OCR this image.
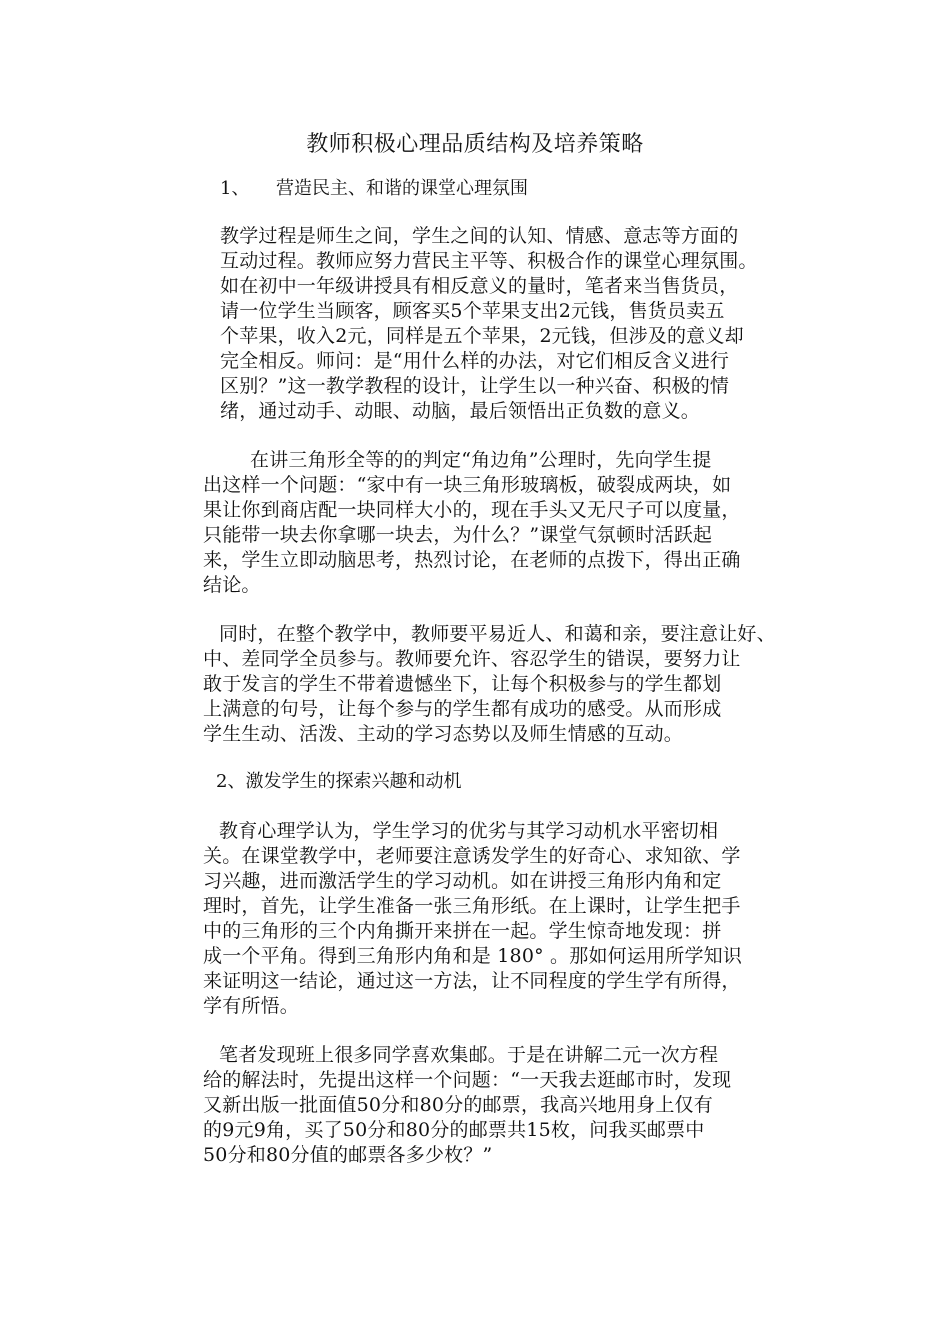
教师积极心理品质结构及培养策略
1、 营造民主、和谐的课堂心理氛围
教学过程是师生之间，学生之间的认知、情感、意志等方面的
互动过程。教师应努力营民主平等、积极合作的课堂心理氛围。
如在初中一年级讲授具有相反意义的量时，笔者来当售货员，
请一位学生当顾客，顾客买5个苹果支出2元钱，售货员卖五
个苹果，收入2元，同样是五个苹果，2元钱，但涉及的意义却
完全相反。师问：是“用什么样的办法，对它们相反含义进行
区别？”这一教学教程的设计，让学生以一种兴奋、积极的情
绪，通过动手、动眼、动脑，最后领悟出正负数的意义。
在讲三角形全等的的判定“角边角”公理时，先向学生提
出这样一个问题：“家中有一块三角形玻璃板，破裂成两块，如
果让你到商店配一块同样大小的，现在手头又无尺子可以度量，
只能带一块去你拿哪一块去，为什么？”课堂气氛顿时活跃起
来，学生立即动脑思考，热烈讨论，在老师的点拨下，得出正确
结论。
同时，在整个教学中，教师要平易近人、和蔼和亲，要注意让好、
中、差同学全员参与。教师要允许、容忍学生的错误，要努力让
敢于发言的学生不带着遗憾坐下，让每个积极参与的学生都划
上满意的句号，让每个参与的学生都有成功的感受。从而形成
学生生动、活泼、主动的学习态势以及师生情感的互动。
2、激发学生的探索兴趣和动机
教育心理学认为，学生学习的优劣与其学习动机水平密切相
关。在课堂教学中，老师要注意诱发学生的好奇心、求知欲、学
习兴趣，进而激活学生的学习动机。如在讲授三角形内角和定
理时，首先，让学生准备一张三角形纸。在上课时，让学生把手
中的三角形的三个内角撕开来拼在一起。学生惊奇地发现：拼
成一个平角。得到三角形内角和是 180° 。那如何运用所学知识
来证明这一结论，通过这一方法，让不同程度的学生学有所得，
学有所悟。
笔者发现班上很多同学喜欢集邮。于是在讲解二元一次方程
给的解法时，先提出这样一个问题：“一天我去逛邮市时，发现
又新出版一批面值50分和80分的邮票，我高兴地用身上仅有
的9元9角，买了50分和80分的邮票共15枚，问我买邮票中
50分和80分值的邮票各多少枚？”
